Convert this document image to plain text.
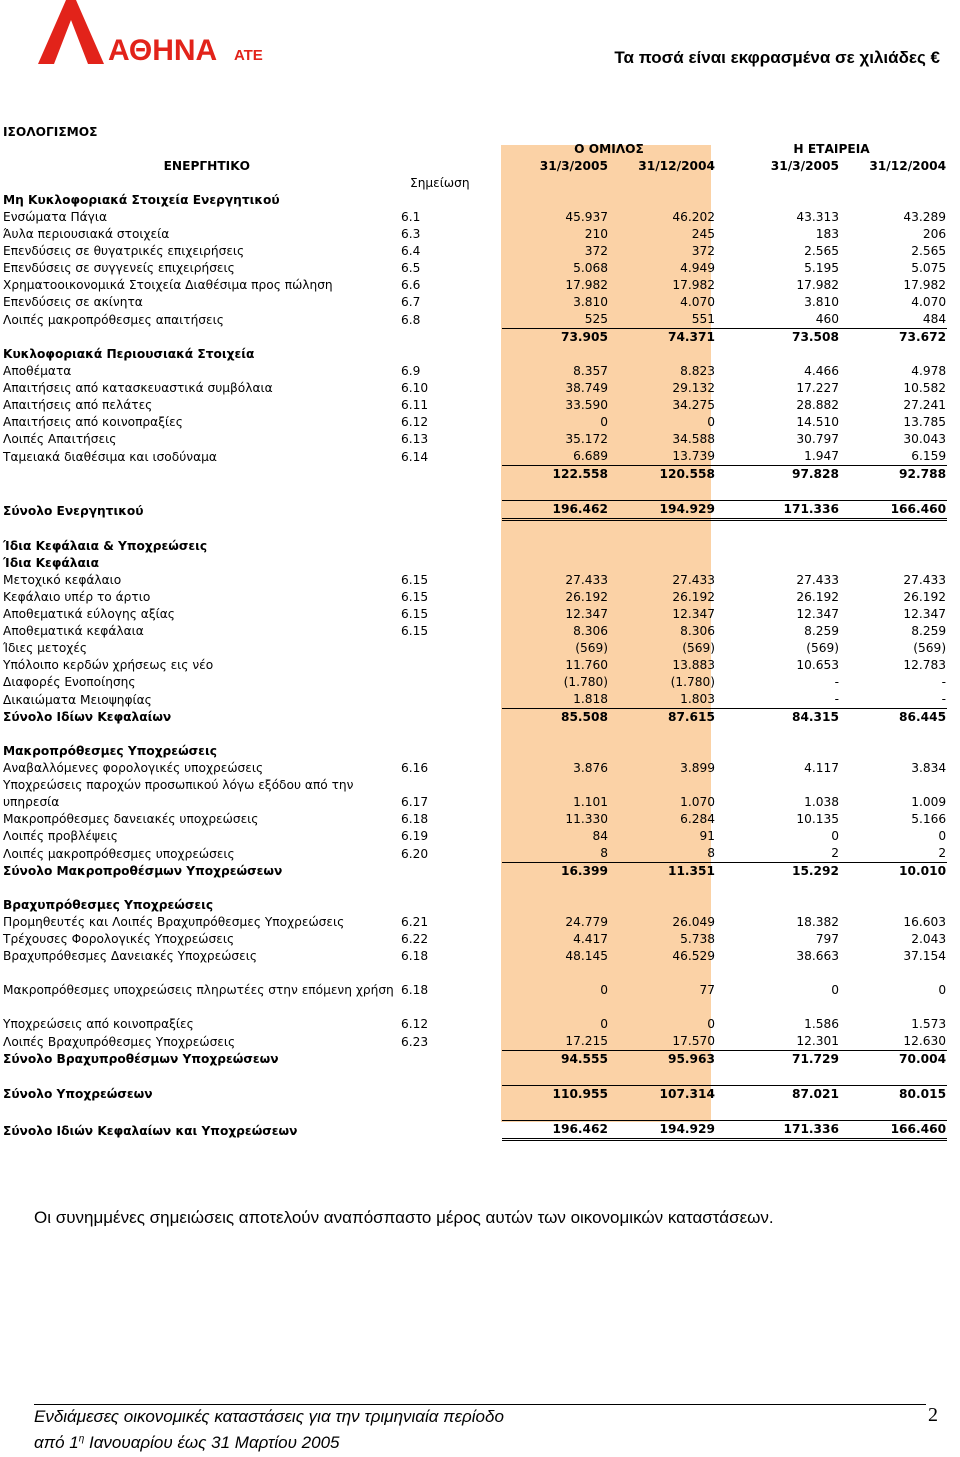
ΑΘΗΝΑ ΑΤΕ	Τα ποσά είναι εκφρασμένα σε χιλιάδες €
ΙΣΟΛΟΓΙΣΜΟΣ					
		Ο ΟΜΙΛΟΣ		Η ΕΤΑΙΡΕΙΑ	
ΕΝΕΡΓΗΤΙΚΟ		31/3/2005	31/12/2004	31/3/2005	31/12/2004
	Σημείωση				
Μη Κυκλοφοριακά Στοιχεία Ενεργητικού					
Ενσώματα Πάγια	6.1	45.937	46.202	43.313	43.289
Άυλα περιουσιακά στοιχεία	6.3	210	245	183	206
Επενδύσεις σε θυγατρικές επιχειρήσεις	6.4	372	372	2.565	2.565
Επενδύσεις σε συγγενείς επιχειρήσεις	6.5	5.068	4.949	5.195	5.075
Χρηματοοικονομικά Στοιχεία Διαθέσιμα προς πώληση	6.6	17.982	17.982	17.982	17.982
Επενδύσεις σε ακίνητα	6.7	3.810	4.070	3.810	4.070
Λοιπές μακροπρόθεσμες απαιτήσεις	6.8	525	551	460	484
		73.905	74.371	73.508	73.672
Κυκλοφοριακά Περιουσιακά Στοιχεία					
Αποθέματα	6.9	8.357	8.823	4.466	4.978
Απαιτήσεις από κατασκευαστικά συμβόλαια	6.10	38.749	29.132	17.227	10.582
Απαιτήσεις από πελάτες	6.11	33.590	34.275	28.882	27.241
Απαιτήσεις από κοινοπραξίες	6.12	0	0	14.510	13.785
Λοιπές Απαιτήσεις	6.13	35.172	34.588	30.797	30.043
Ταμειακά διαθέσιμα και ισοδύναμα	6.14	6.689	13.739	1.947	6.159
		122.558	120.558	97.828	92.788

Σύνολο Ενεργητικού		196.462	194.929	171.336	166.460

Ίδια Κεφάλαια & Υποχρεώσεις					
Ίδια Κεφάλαια					
Μετοχικό κεφάλαιο	6.15	27.433	27.433	27.433	27.433
Κεφάλαιο υπέρ το άρτιο	6.15	26.192	26.192	26.192	26.192
Αποθεματικά εύλογης αξίας	6.15	12.347	12.347	12.347	12.347
Αποθεματικά κεφάλαια	6.15	8.306	8.306	8.259	8.259
Ίδιες μετοχές		(569)	(569)	(569)	(569)
Υπόλοιπο κερδών χρήσεως εις νέο		11.760	13.883	10.653	12.783
Διαφορές Ενοποίησης		(1.780)	(1.780)	-	-
Δικαιώματα Μειοψηφίας		1.818	1.803	-	-
Σύνολο Ιδίων Κεφαλαίων		85.508	87.615	84.315	86.445

Μακροπρόθεσμες Υποχρεώσεις					
Αναβαλλόμενες φορολογικές υποχρεώσεις	6.16	3.876	3.899	4.117	3.834
Υποχρεώσεις παροχών προσωπικού λόγω εξόδου από την υπηρεσία	6.17	1.101	1.070	1.038	1.009
Μακροπρόθεσμες δανειακές υποχρεώσεις	6.18	11.330	6.284	10.135	5.166
Λοιπές προβλέψεις	6.19	84	91	0	0
Λοιπές μακροπρόθεσμες υποχρεώσεις	6.20	8	8	2	2
Σύνολο Μακροπροθέσμων Υποχρεώσεων		16.399	11.351	15.292	10.010

Βραχυπρόθεσμες Υποχρεώσεις					
Προμηθευτές και Λοιπές Βραχυπρόθεσμες Υποχρεώσεις	6.21	24.779	26.049	18.382	16.603
Τρέχουσες Φορολογικές Υποχρεώσεις	6.22	4.417	5.738	797	2.043
Βραχυπρόθεσμες Δανειακές Υποχρεώσεις	6.18	48.145	46.529	38.663	37.154

Μακροπρόθεσμες υποχρεώσεις πληρωτέες στην επόμενη χρήση	6.18	0	77	0	0

Υποχρεώσεις από κοινοπραξίες	6.12	0	0	1.586	1.573
Λοιπές Βραχυπρόθεσμες Υποχρεώσεις	6.23	17.215	17.570	12.301	12.630
Σύνολο Βραχυπροθέσμων Υποχρεώσεων		94.555	95.963	71.729	70.004

Σύνολο Υποχρεώσεων		110.955	107.314	87.021	80.015

Σύνολο Ιδιών Κεφαλαίων και Υποχρεώσεων		196.462	194.929	171.336	166.460
Οι συνημμένες σημειώσεις αποτελούν αναπόσπαστο μέρος αυτών των οικονομικών καταστάσεων.
Ενδιάμεσες οικονομικές καταστάσεις για την τριμηνιαία περίοδο
από $1^\eta$ Ιανουαρίου έως 31 Μαρτίου 2005
2
